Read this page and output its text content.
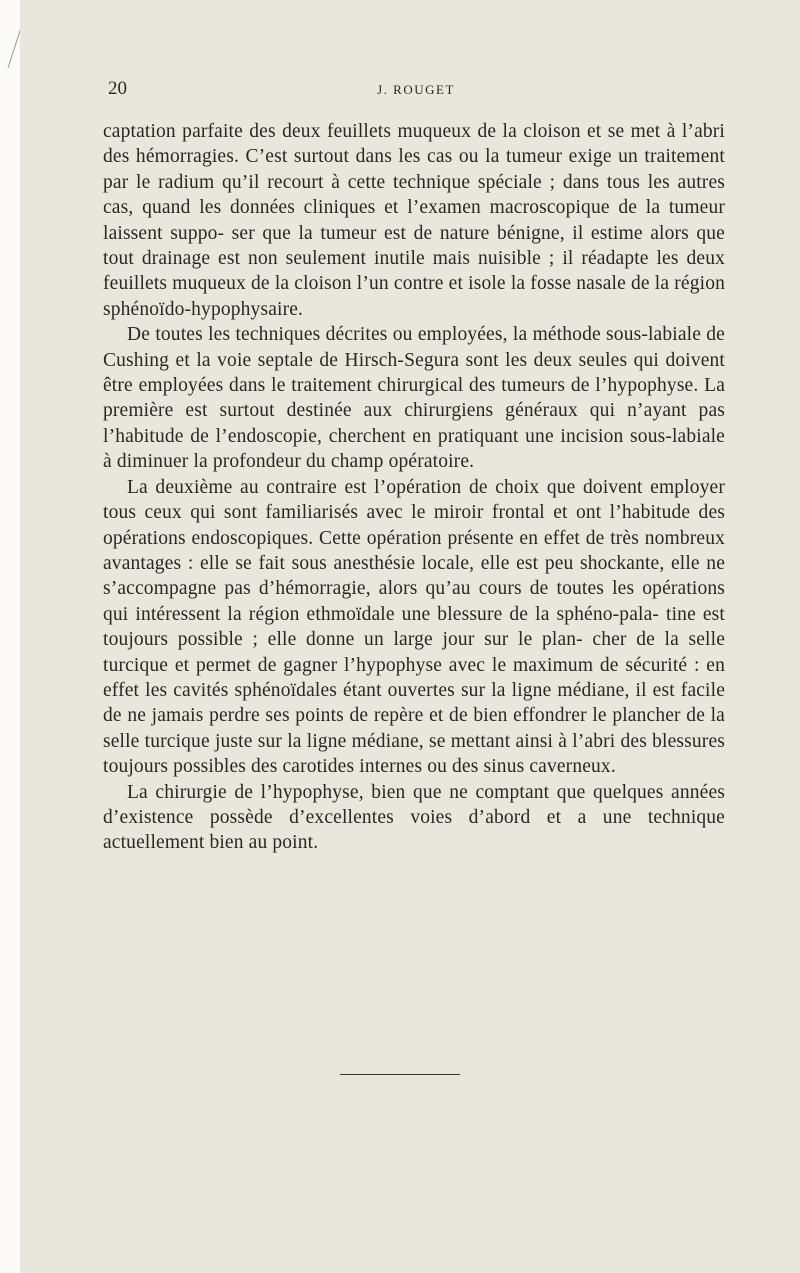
20	J. ROUGET

captation parfaite des deux feuillets muqueux de la cloison et se met à l’abri des hémorragies. C’est surtout dans les cas ou la tumeur exige un traitement par le radium qu’il recourt à cette technique spéciale ; dans tous les autres cas, quand les données cliniques et l’examen macroscopique de la tumeur laissent suppo- ser que la tumeur est de nature bénigne, il estime alors que tout drainage est non seulement inutile mais nuisible ; il réadapte les deux feuillets muqueux de la cloison l’un contre et isole la fosse nasale de la région sphénoïdo-hypophysaire.

De toutes les techniques décrites ou employées, la méthode sous-labiale de Cushing et la voie septale de Hirsch-Segura sont les deux seules qui doivent être employées dans le traitement chirurgical des tumeurs de l’hypophyse. La première est surtout destinée aux chirurgiens généraux qui n’ayant pas l’habitude de l’endoscopie, cherchent en pratiquant une incision sous-labiale à diminuer la profondeur du champ opératoire.

La deuxième au contraire est l’opération de choix que doivent employer tous ceux qui sont familiarisés avec le miroir frontal et ont l’habitude des opérations endoscopiques. Cette opération présente en effet de très nombreux avantages : elle se fait sous anesthésie locale, elle est peu shockante, elle ne s’accompagne pas d’hémorragie, alors qu’au cours de toutes les opérations qui intéressent la région ethmoïdale une blessure de la sphéno-pala- tine est toujours possible ; elle donne un large jour sur le plan- cher de la selle turcique et permet de gagner l’hypophyse avec le maximum de sécurité : en effet les cavités sphénoïdales étant ouvertes sur la ligne médiane, il est facile de ne jamais perdre ses points de repère et de bien effondrer le plancher de la selle turcique juste sur la ligne médiane, se mettant ainsi à l’abri des blessures toujours possibles des carotides internes ou des sinus caverneux.

La chirurgie de l’hypophyse, bien que ne comptant que quelques années d’existence possède d’excellentes voies d’abord et a une technique actuellement bien au point.
